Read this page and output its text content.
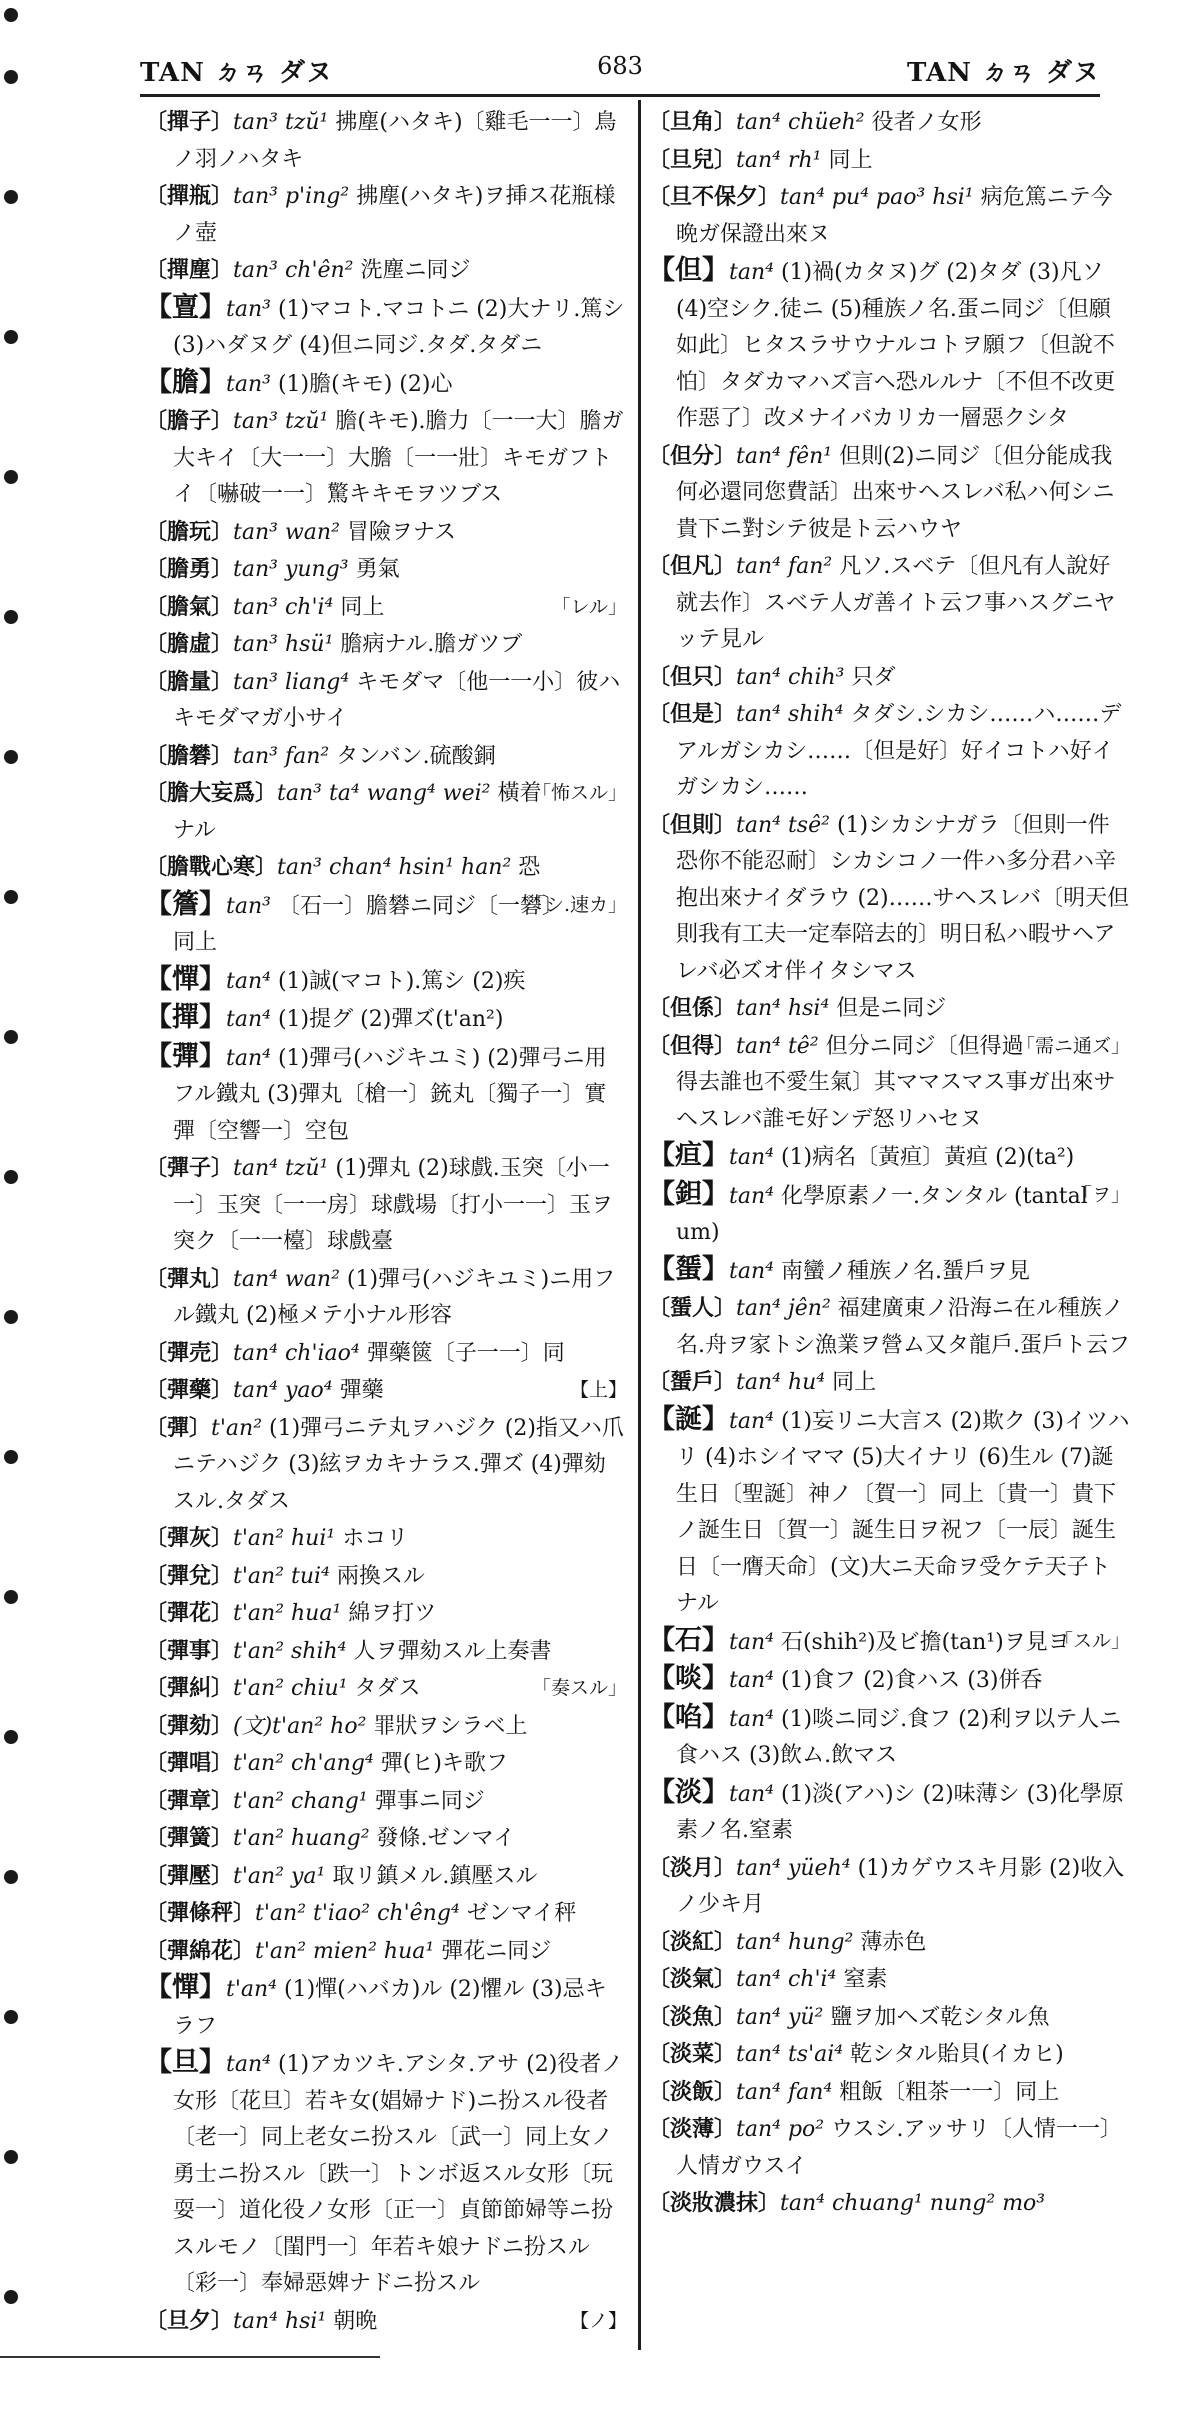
TAN ㄉㄢ ダヌ	683	TAN ㄉㄢ ダヌ

〔撣子〕tan³ tzŭ¹ 拂塵(ハタキ)〔雞毛一一〕鳥ノ羽ノハタキ

〔撣瓶〕tan³ p'ing² 拂塵(ハタキ)ヲ挿ス花瓶様ノ壺

〔撣塵〕tan³ ch'ên² 洗塵ニ同ジ

【亶】tan³ (1)マコト.マコトニ (2)大ナリ.篤シ (3)ハダヌグ (4)但ニ同ジ.タダ.タダニ

【膽】tan³ (1)膽(キモ) (2)心

〔膽子〕tan³ tzŭ¹ 膽(キモ).膽力〔一一大〕膽ガ大キイ〔大一一〕大膽〔一一壯〕キモガフトイ〔嚇破一一〕驚キキモヲツブス

〔膽玩〕tan³ wan² 冒險ヲナス

〔膽勇〕tan³ yung³ 勇氣

「レル」
〔膽氣〕tan³ ch'i⁴ 同上

〔膽虛〕tan³ hsü¹ 膽病ナル.膽ガツブ

〔膽量〕tan³ liang⁴ キモダマ〔他一一小〕彼ハキモダマガ小サイ

〔膽礬〕tan³ fan² タンバン.硫酸銅

「怖スル」
〔膽大妄爲〕tan³ ta⁴ wang⁴ wei² 橫着ナル

〔膽戰心寒〕tan³ chan⁴ hsin¹ han² 恐

「シ.速カ」
【簷】tan³ 〔石一〕膽礬ニ同ジ〔一礬〕同上

【憚】tan⁴ (1)誠(マコト).篤シ (2)疾

【撣】tan⁴ (1)提グ (2)彈ズ(t'an²)

【彈】tan⁴ (1)彈弓(ハジキユミ) (2)彈弓ニ用フル鐵丸 (3)彈丸〔槍一〕銃丸〔獨子一〕實彈〔空響一〕空包

〔彈子〕tan⁴ tzŭ¹ (1)彈丸 (2)球戲.玉突〔小一一〕玉突〔一一房〕球戲場〔打小一一〕玉ヲ突ク〔一一檯〕球戲臺

〔彈丸〕tan⁴ wan² (1)彈弓(ハジキユミ)ニ用フル鐵丸 (2)極メテ小ナル形容

〔彈売〕tan⁴ ch'iao⁴ 彈藥篋〔子一一〕同

【上】
〔彈藥〕tan⁴ yao⁴ 彈藥

〔彈〕t'an² (1)彈弓ニテ丸ヲハジク (2)指又ハ爪ニテハジク (3)絃ヲカキナラス.彈ズ (4)彈劾スル.タダス

〔彈灰〕t'an² hui¹ ホコリ

〔彈兌〕t'an² tui⁴ 兩換スル

〔彈花〕t'an² hua¹ 綿ヲ打ツ

〔彈事〕t'an² shih⁴ 人ヲ彈劾スル上奏書

「奏スル」
〔彈糾〕t'an² chiu¹ タダス

〔彈劾〕(文)t'an² ho² 罪狀ヲシラベ上

〔彈唱〕t'an² ch'ang⁴ 彈(ヒ)キ歌フ

〔彈章〕t'an² chang¹ 彈事ニ同ジ

〔彈簧〕t'an² huang² 發條.ゼンマイ

〔彈壓〕t'an² ya¹ 取リ鎮メル.鎮壓スル

〔彈條秤〕t'an² t'iao² ch'êng⁴ ゼンマイ秤

〔彈綿花〕t'an² mien² hua¹ 彈花ニ同ジ

【憚】t'an⁴ (1)憚(ハバカ)ル (2)懼ル (3)忌キラフ

【旦】tan⁴ (1)アカツキ.アシタ.アサ (2)役者ノ女形〔花旦〕若キ女(娼婦ナド)ニ扮スル役者〔老一〕同上老女ニ扮スル〔武一〕同上女ノ勇士ニ扮スル〔跌一〕トンボ返スル女形〔玩耍一〕道化役ノ女形〔正一〕貞節節婦等ニ扮スルモノ〔閨門一〕年若キ娘ナドニ扮スル〔彩一〕奉婦惡婢ナドニ扮スル

【ノ】
〔旦夕〕tan⁴ hsi¹ 朝晩

〔旦角〕tan⁴ chüeh² 役者ノ女形

〔旦兒〕tan⁴ rh¹ 同上

〔旦不保夕〕tan⁴ pu⁴ pao³ hsi¹ 病危篤ニテ今晩ガ保證出來ヌ

【但】tan⁴ (1)禍(カタヌ)グ (2)タダ (3)凡ソ (4)空シク.徒ニ (5)種族ノ名.蛋ニ同ジ〔但願如此〕ヒタスラサウナルコトヲ願フ〔但說不怕〕タダカマハズ言ヘ恐ルルナ〔不但不改更作惡了〕改メナイバカリカ一層惡クシタ

〔但分〕tan⁴ fên¹ 但則(2)ニ同ジ〔但分能成我何必還同您費話〕出來サヘスレバ私ハ何シニ貴下ニ對シテ彼是ト云ハウヤ

〔但凡〕tan⁴ fan² 凡ソ.スベテ〔但凡有人說好就去作〕スベテ人ガ善イト云フ事ハスグニヤッテ見ル

〔但只〕tan⁴ chih³ 只ダ

〔但是〕tan⁴ shih⁴ タダシ.シカシ……ハ……デアルガシカシ……〔但是好〕好イコトハ好イガシカシ……

〔但則〕tan⁴ tsê² (1)シカシナガラ〔但則一件恐你不能忍耐〕シカシコノ一件ハ多分君ハ辛抱出來ナイダラウ (2)……サヘスレバ〔明天但則我有工夫一定奉陪去的〕明日私ハ暇サヘアレバ必ズオ伴イタシマス

〔但係〕tan⁴ hsi⁴ 但是ニ同ジ

「需ニ通ズ」
〔但得〕tan⁴ tê² 但分ニ同ジ〔但得過得去誰也不愛生氣〕其ママスマス事ガ出來サヘスレバ誰モ好ンデ怒リハセヌ

【疸】tan⁴ (1)病名〔黃疸〕黃疸 (2)(ta²)

「ヲ」
【鉭】tan⁴ 化學原素ノ一.タンタル (tantalum)

【蜑】tan⁴ 南蠻ノ種族ノ名.蜑戶ヲ見

〔蜑人〕tan⁴ jên² 福建廣東ノ沿海ニ在ル種族ノ名.舟ヲ家トシ漁業ヲ營ム又タ龍戶.蛋戶ト云フ

〔蜑戶〕tan⁴ hu⁴ 同上

【誕】tan⁴ (1)妄リニ大言ス (2)欺ク (3)イツハリ (4)ホシイママ (5)大イナリ (6)生ル (7)誕生日〔聖誕〕神ノ〔賀一〕同上〔貴一〕貴下ノ誕生日〔賀一〕誕生日ヲ祝フ〔一辰〕誕生日〔一膺天命〕(文)大ニ天命ヲ受ケテ天子トナル

「スル」
【石】tan⁴ 石(shih²)及ビ擔(tan¹)ヲ見ヨ

【啖】tan⁴ (1)食フ (2)食ハス (3)併呑

【啗】tan⁴ (1)啖ニ同ジ.食フ (2)利ヲ以テ人ニ食ハス (3)飲ム.飲マス

【淡】tan⁴ (1)淡(アハ)シ (2)味薄シ (3)化學原素ノ名.窒素

〔淡月〕tan⁴ yüeh⁴ (1)カゲウスキ月影 (2)收入ノ少キ月

〔淡紅〕tan⁴ hung² 薄赤色

〔淡氣〕tan⁴ ch'i⁴ 窒素

〔淡魚〕tan⁴ yü² 鹽ヲ加ヘズ乾シタル魚

〔淡菜〕tan⁴ ts'ai⁴ 乾シタル貽貝(イカヒ)

〔淡飯〕tan⁴ fan⁴ 粗飯〔粗茶一一〕同上

〔淡薄〕tan⁴ po² ウスシ.アッサリ〔人情一一〕人情ガウスイ

〔淡妝濃抹〕tan⁴ chuang¹ nung² mo³
